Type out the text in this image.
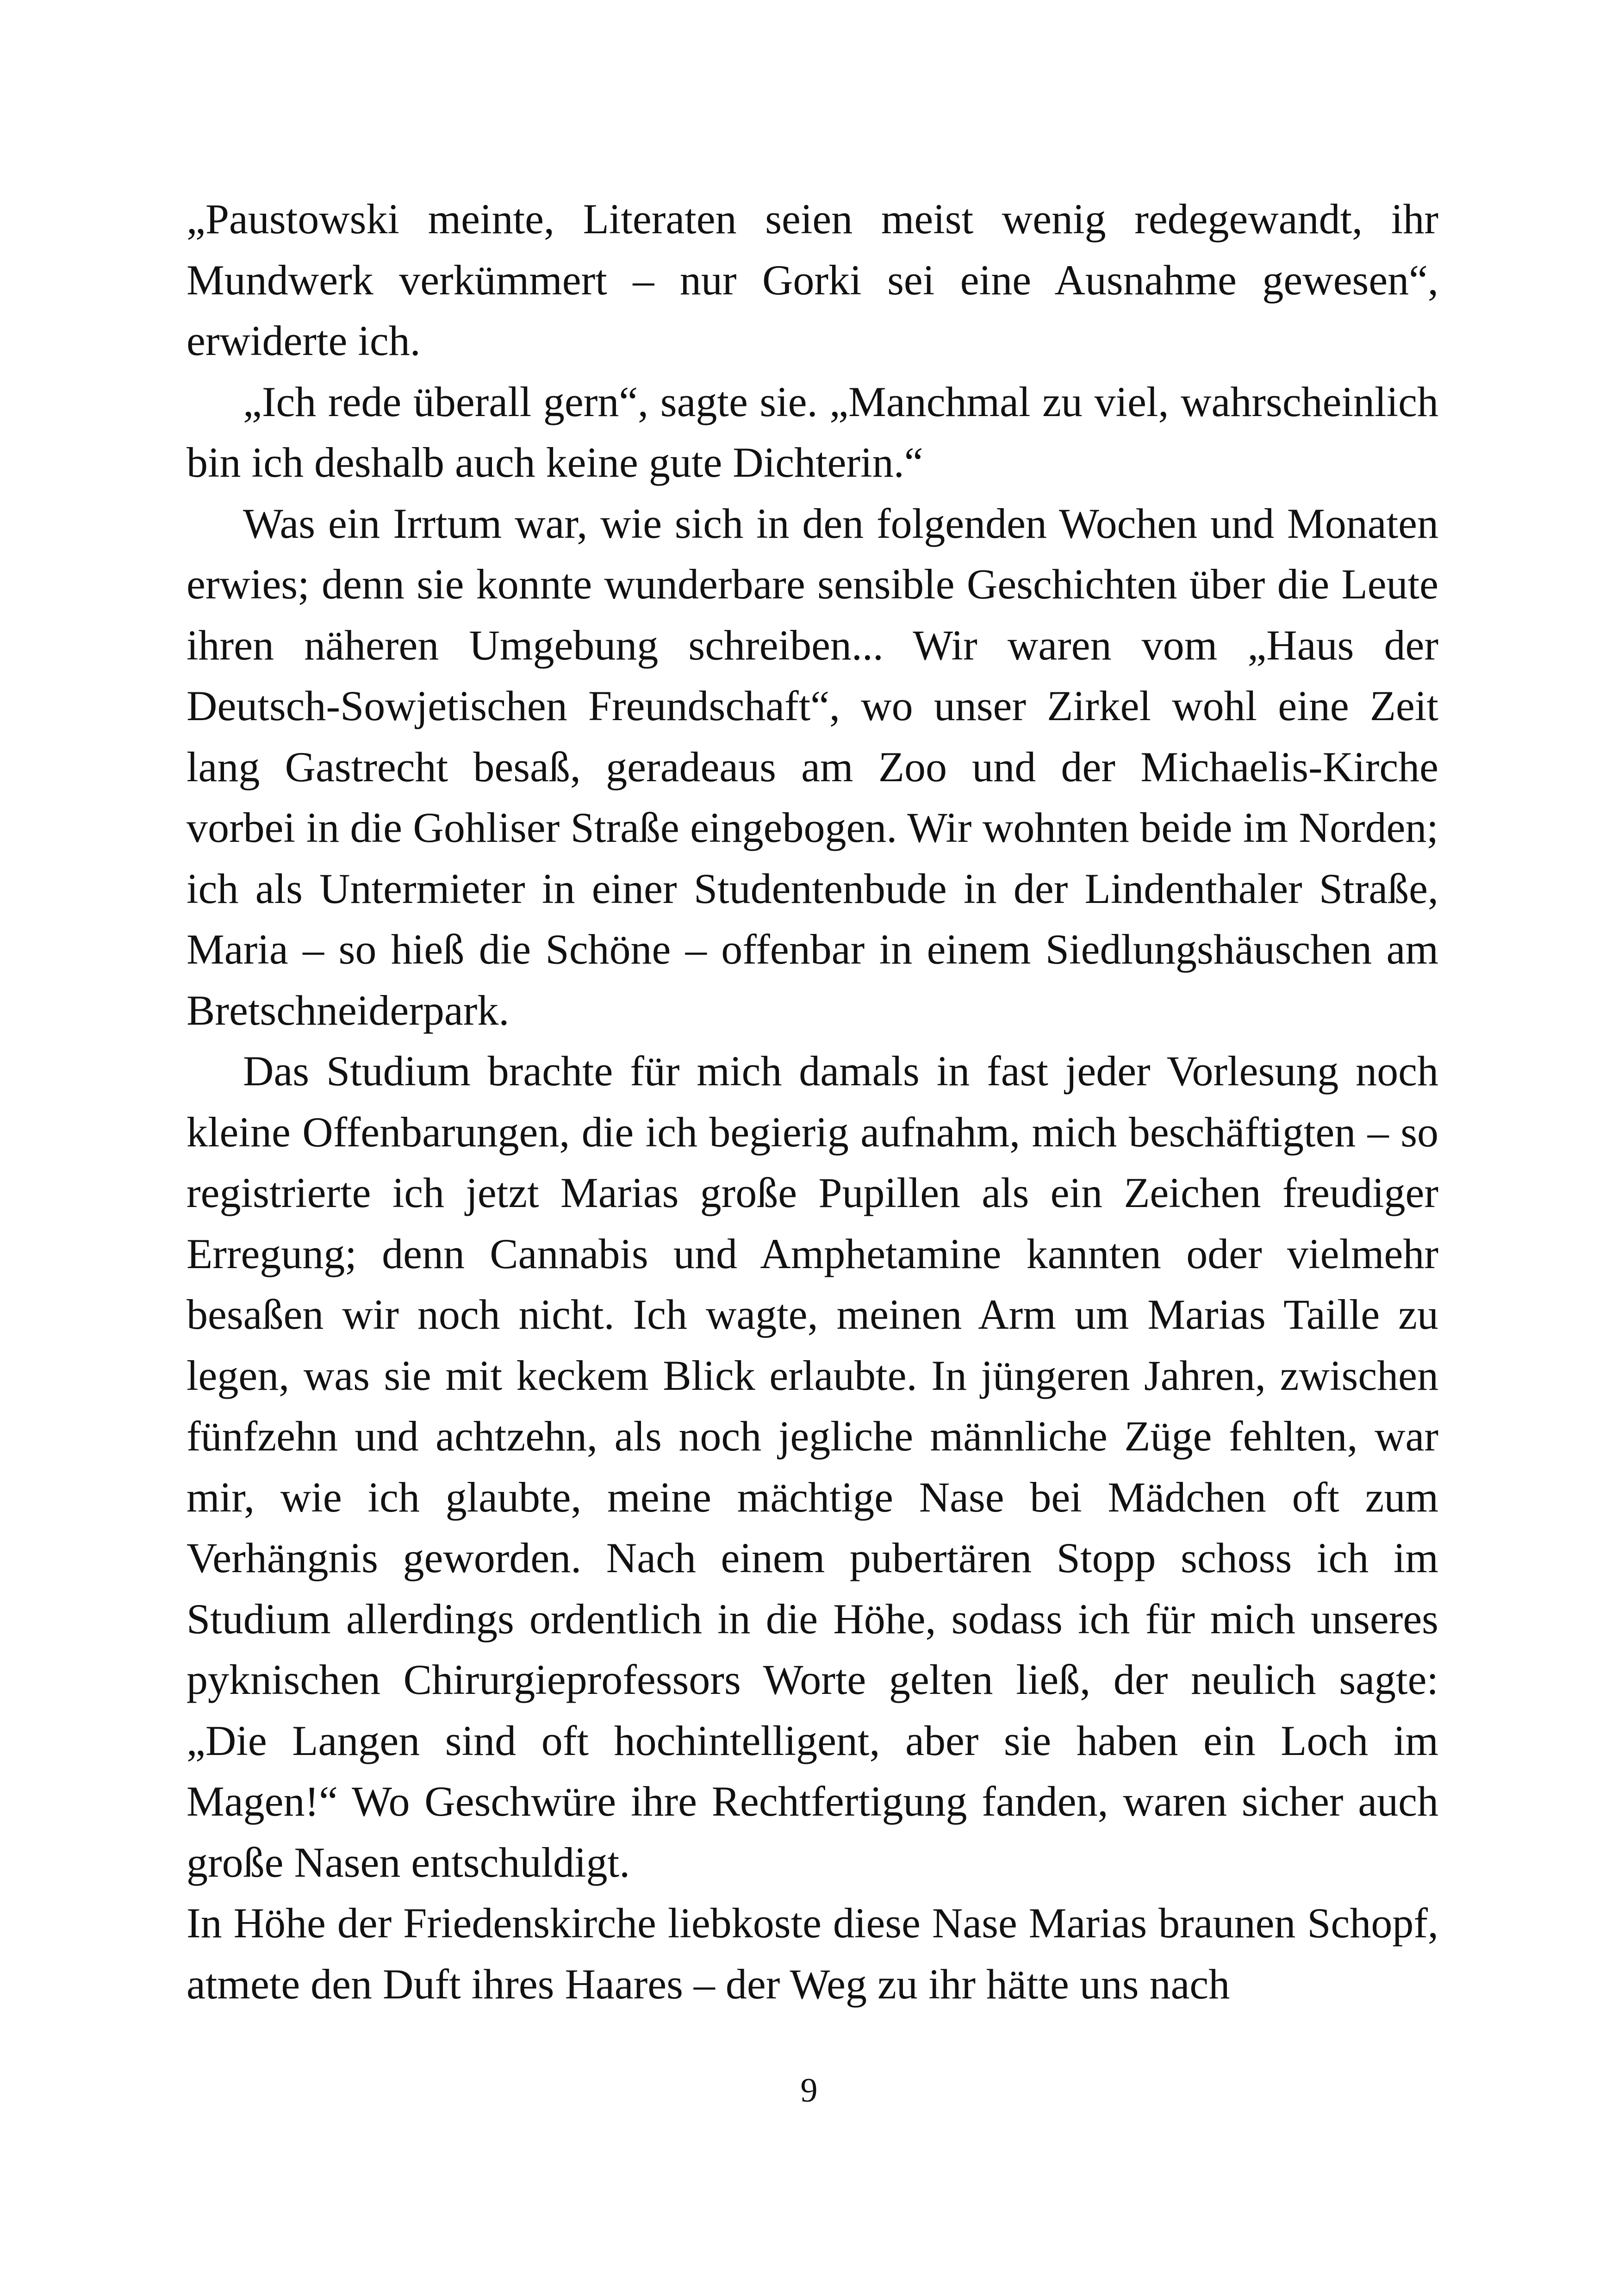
„Paustowski meinte, Literaten seien meist wenig redegewandt, ihr Mundwerk verkümmert – nur Gorki sei eine Ausnahme gewesen“, erwiderte ich.

„Ich rede überall gern“, sagte sie. „Manchmal zu viel, wahrscheinlich bin ich deshalb auch keine gute Dichterin.“

Was ein Irrtum war, wie sich in den folgenden Wochen und Monaten erwies; denn sie konnte wunderbare sensible Geschichten über die Leute ihren näheren Umgebung schreiben... Wir waren vom „Haus der Deutsch-Sowjetischen Freundschaft“, wo unser Zirkel wohl eine Zeit lang Gastrecht besaß, geradeaus am Zoo und der Michaelis-Kirche vorbei in die Gohliser Straße eingebogen. Wir wohnten beide im Norden; ich als Untermieter in einer Studentenbude in der Lindenthaler Straße, Maria – so hieß die Schöne – offenbar in einem Siedlungshäuschen am Bretschneiderpark.

Das Studium brachte für mich damals in fast jeder Vorlesung noch kleine Offenbarungen, die ich begierig aufnahm, mich beschäftigten – so registrierte ich jetzt Marias große Pupillen als ein Zeichen freudiger Erregung; denn Cannabis und Amphetamine kannten oder vielmehr besaßen wir noch nicht. Ich wagte, meinen Arm um Marias Taille zu legen, was sie mit keckem Blick erlaubte. In jüngeren Jahren, zwischen fünfzehn und achtzehn, als noch jegliche männliche Züge fehlten, war mir, wie ich glaubte, meine mächtige Nase bei Mädchen oft zum Verhängnis geworden. Nach einem pubertären Stopp schoss ich im Studium allerdings ordentlich in die Höhe, sodass ich für mich unseres pyknischen Chirurgieprofessors Worte gelten ließ, der neulich sagte: „Die Langen sind oft hochintelligent, aber sie haben ein Loch im Magen!“ Wo Geschwüre ihre Rechtfertigung fanden, waren sicher auch große Nasen entschuldigt.

In Höhe der Friedenskirche liebkoste diese Nase Marias braunen Schopf, atmete den Duft ihres Haares – der Weg zu ihr hätte uns nach

9
